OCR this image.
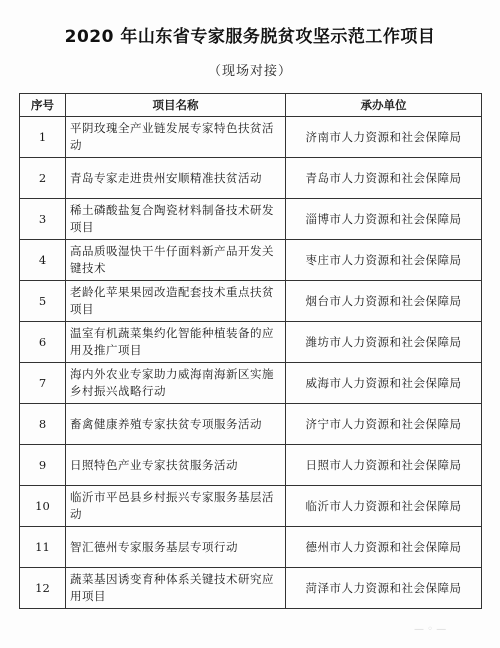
2020 年山东省专家服务脱贫攻坚示范工作项目
（现场对接）
序号	项目名称	承办单位
1	平阴玫瑰全产业链发展专家特色扶贫活动	济南市人力资源和社会保障局
2	青岛专家走进贵州安顺精准扶贫活动	青岛市人力资源和社会保障局
3	稀土磷酸盐复合陶瓷材料制备技术研发项目	淄博市人力资源和社会保障局
4	高品质吸湿快干牛仔面料新产品开发关键技术	枣庄市人力资源和社会保障局
5	老龄化苹果果园改造配套技术重点扶贫项目	烟台市人力资源和社会保障局
6	温室有机蔬菜集约化智能种植装备的应用及推广项目	潍坊市人力资源和社会保障局
7	海内外农业专家助力威海南海新区实施乡村振兴战略行动	威海市人力资源和社会保障局
8	畜禽健康养殖专家扶贫专项服务活动	济宁市人力资源和社会保障局
9	日照特色产业专家扶贫服务活动	日照市人力资源和社会保障局
10	临沂市平邑县乡村振兴专家服务基层活动	临沂市人力资源和社会保障局
11	智汇德州专家服务基层专项行动	德州市人力资源和社会保障局
12	蔬菜基因诱变育种体系关键技术研究应用项目	菏泽市人力资源和社会保障局
— ◦ —
